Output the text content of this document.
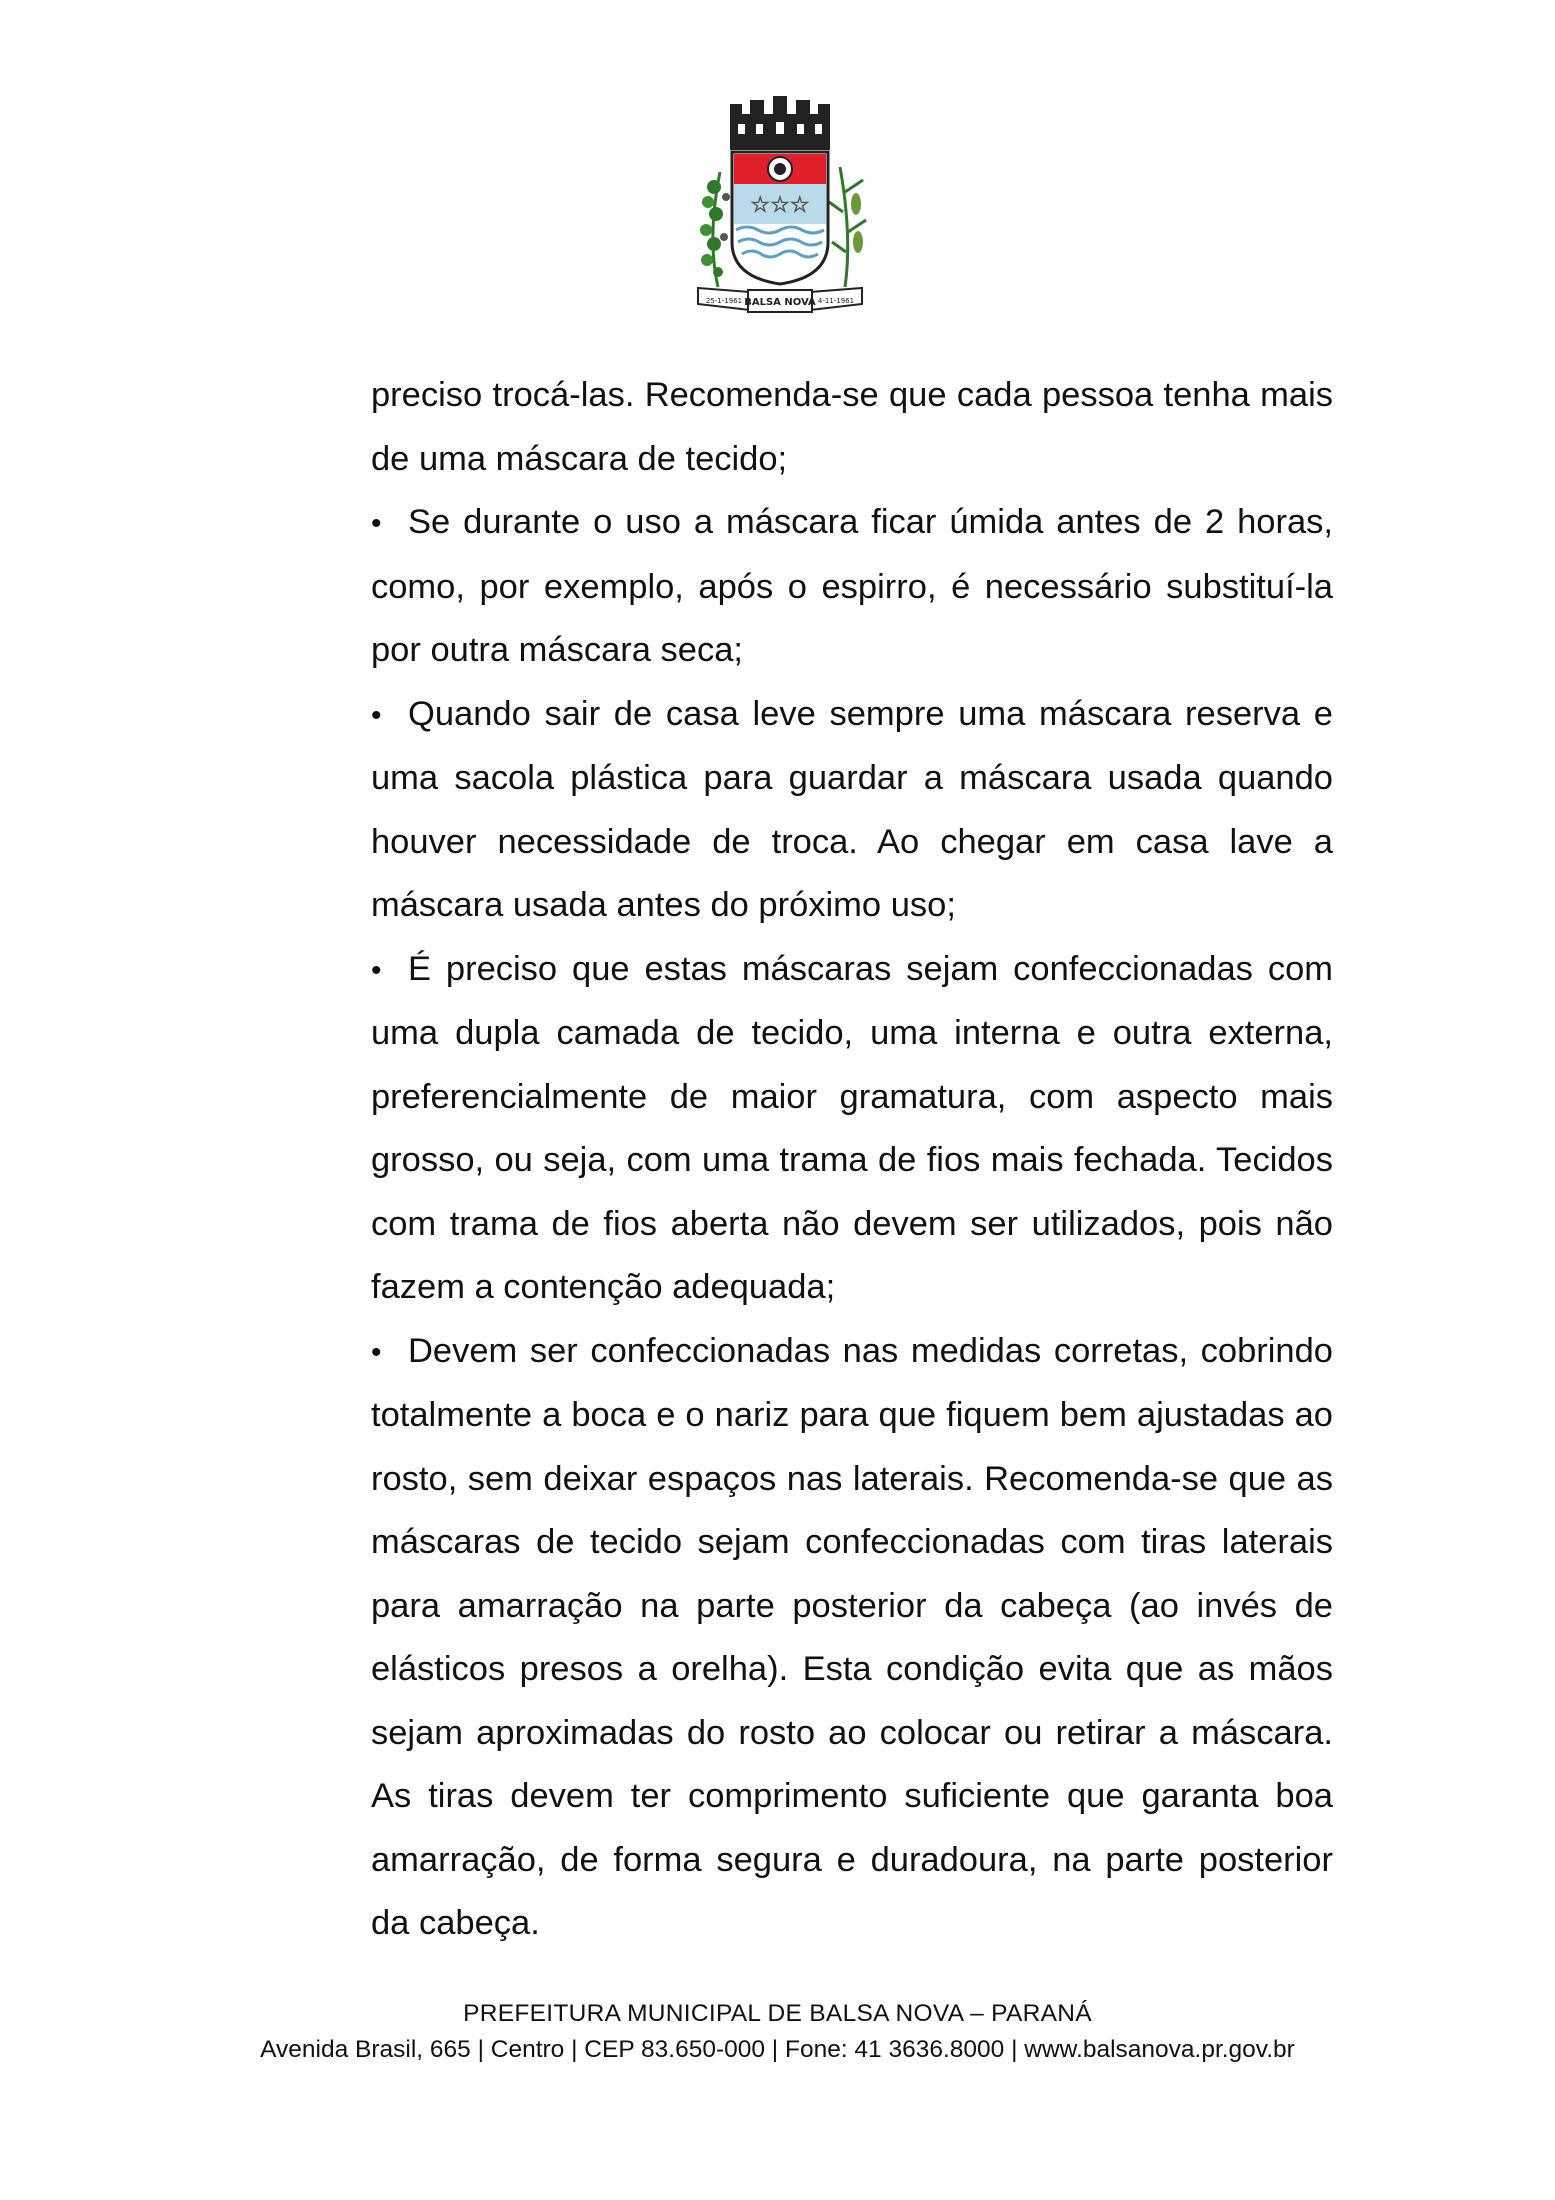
☆☆☆
25-1-1961 BALSA NOVA 4-11-1961

preciso trocá-las. Recomenda-se que cada pessoa tenha mais de uma máscara de tecido;

• Se durante o uso a máscara ficar úmida antes de 2 horas, como, por exemplo, após o espirro, é necessário substituí-la por outra máscara seca;

• Quando sair de casa leve sempre uma máscara reserva e uma sacola plástica para guardar a máscara usada quando houver necessidade de troca. Ao chegar em casa lave a máscara usada antes do próximo uso;

• É preciso que estas máscaras sejam confeccionadas com uma dupla camada de tecido, uma interna e outra externa, preferencialmente de maior gramatura, com aspecto mais grosso, ou seja, com uma trama de fios mais fechada. Tecidos com trama de fios aberta não devem ser utilizados, pois não fazem a contenção adequada;

• Devem ser confeccionadas nas medidas corretas, cobrindo totalmente a boca e o nariz para que fiquem bem ajustadas ao rosto, sem deixar espaços nas laterais. Recomenda-se que as máscaras de tecido sejam confeccionadas com tiras laterais para amarração na parte posterior da cabeça (ao invés de elásticos presos a orelha). Esta condição evita que as mãos sejam aproximadas do rosto ao colocar ou retirar a máscara. As tiras devem ter comprimento suficiente que garanta boa amarração, de forma segura e duradoura, na parte posterior da cabeça.

PREFEITURA MUNICIPAL DE BALSA NOVA – PARANÁ
Avenida Brasil, 665 | Centro | CEP 83.650-000 | Fone: 41 3636.8000 | www.balsanova.pr.gov.br
